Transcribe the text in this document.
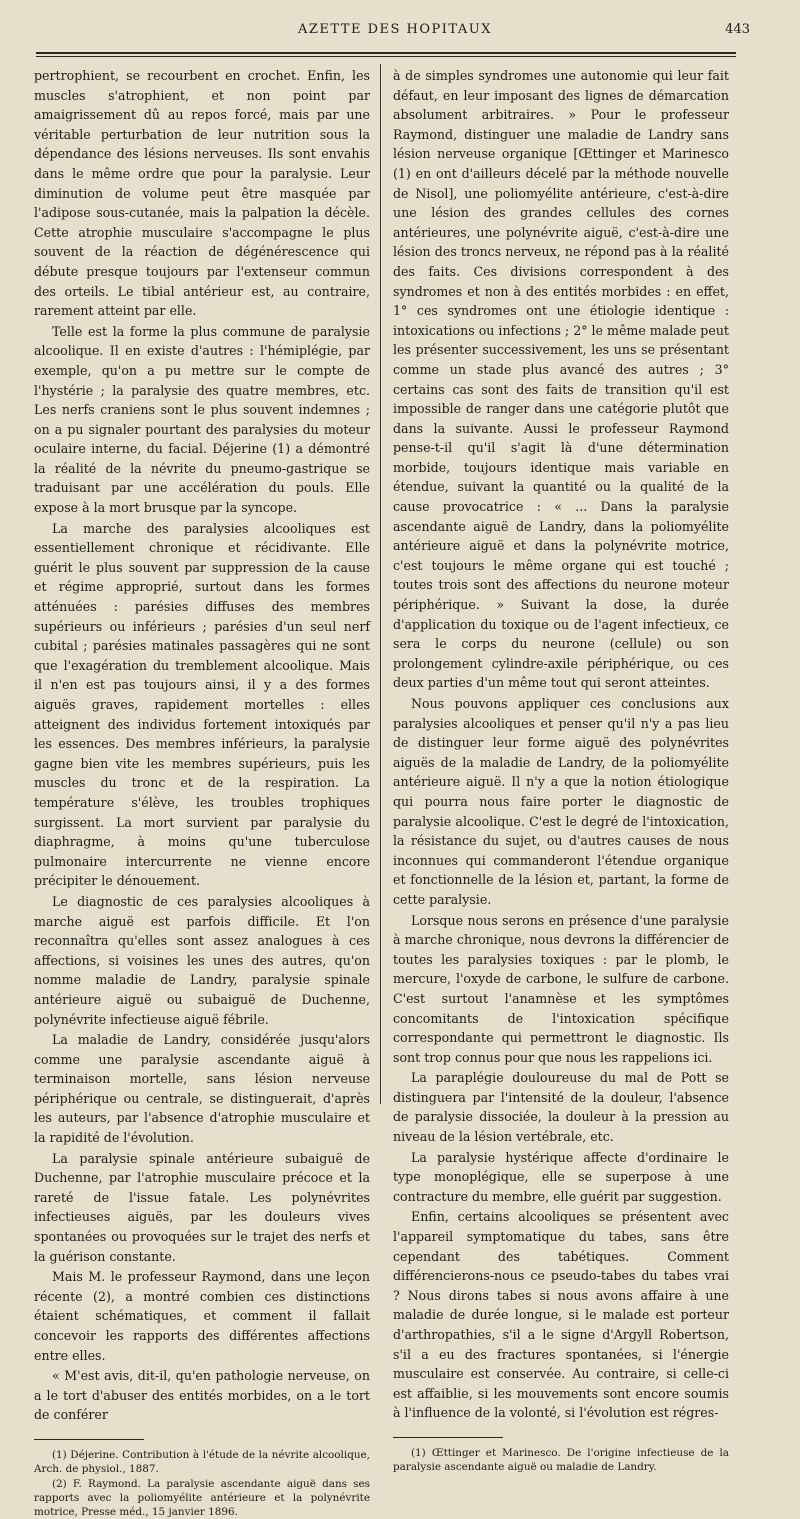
AZETTE DES HOPITAUX	443

pertrophient, se recourbent en crochet. Enfin, les muscles s'atrophient, et non point par amaigrissement dû au repos forcé, mais par une véritable perturbation de leur nutrition sous la dépendance des lésions nerveuses. Ils sont envahis dans le même ordre que pour la paralysie. Leur diminution de volume peut être masquée par l'adipose sous-cutanée, mais la palpation la décèle. Cette atrophie musculaire s'accompagne le plus souvent de la réaction de dégénérescence qui débute presque toujours par l'extenseur commun des orteils. Le tibial antérieur est, au contraire, rarement atteint par elle.

Telle est la forme la plus commune de paralysie alcoolique. Il en existe d'autres : l'hémiplégie, par exemple, qu'on a pu mettre sur le compte de l'hystérie ; la paralysie des quatre membres, etc. Les nerfs craniens sont le plus souvent indemnes ; on a pu signaler pourtant des paralysies du moteur oculaire interne, du facial. Déjerine (1) a démontré la réalité de la névrite du pneumo-gastrique se traduisant par une accélération du pouls. Elle expose à la mort brusque par la syncope.

La marche des paralysies alcooliques est essentiellement chronique et récidivante. Elle guérit le plus souvent par suppression de la cause et régime approprié, surtout dans les formes atténuées : parésies diffuses des membres supérieurs ou inférieurs ; parésies d'un seul nerf cubital ; parésies matinales passagères qui ne sont que l'exagération du tremblement alcoolique. Mais il n'en est pas toujours ainsi, il y a des formes aiguës graves, rapidement mortelles : elles atteignent des individus fortement intoxiqués par les essences. Des membres inférieurs, la paralysie gagne bien vite les membres supérieurs, puis les muscles du tronc et de la respiration. La température s'élève, les troubles trophiques surgissent. La mort survient par paralysie du diaphragme, à moins qu'une tuberculose pulmonaire intercurrente ne vienne encore précipiter le dénouement.

Le diagnostic de ces paralysies alcooliques à marche aiguë est parfois difficile. Et l'on reconnaîtra qu'elles sont assez analogues à ces affections, si voisines les unes des autres, qu'on nomme maladie de Landry, paralysie spinale antérieure aiguë ou subaiguë de Duchenne, polynévrite infectieuse aiguë fébrile.

La maladie de Landry, considérée jusqu'alors comme une paralysie ascendante aiguë à terminaison mortelle, sans lésion nerveuse périphérique ou centrale, se distinguerait, d'après les auteurs, par l'absence d'atrophie musculaire et la rapidité de l'évolution.

La paralysie spinale antérieure subaiguë de Duchenne, par l'atrophie musculaire précoce et la rareté de l'issue fatale. Les polynévrites infectieuses aiguës, par les douleurs vives spontanées ou provoquées sur le trajet des nerfs et la guérison constante.

Mais M. le professeur Raymond, dans une leçon récente (2), a montré combien ces distinctions étaient schématiques, et comment il fallait concevoir les rapports des différentes affections entre elles.

« M'est avis, dit-il, qu'en pathologie nerveuse, on a le tort d'abuser des entités morbides, on a le tort de conférer

(1) Déjerine. Contribution à l'étude de la névrite alcoolique, Arch. de physiol., 1887.

(2) F. Raymond. La paralysie ascendante aiguë dans ses rapports avec la poliomyélite antérieure et la polynévrite motrice, Presse méd., 15 janvier 1896.

à de simples syndromes une autonomie qui leur fait défaut, en leur imposant des lignes de démarcation absolument arbitraires. » Pour le professeur Raymond, distinguer une maladie de Landry sans lésion nerveuse organique [Œttinger et Marinesco (1) en ont d'ailleurs décelé par la méthode nouvelle de Nisol], une poliomyélite antérieure, c'est-à-dire une lésion des grandes cellules des cornes antérieures, une polynévrite aiguë, c'est-à-dire une lésion des troncs nerveux, ne répond pas à la réalité des faits. Ces divisions correspondent à des syndromes et non à des entités morbides : en effet, 1° ces syndromes ont une étiologie identique : intoxications ou infections ; 2° le même malade peut les présenter successivement, les uns se présentant comme un stade plus avancé des autres ; 3° certains cas sont des faits de transition qu'il est impossible de ranger dans une catégorie plutôt que dans la suivante. Aussi le professeur Raymond pense-t-il qu'il s'agit là d'une détermination morbide, toujours identique mais variable en étendue, suivant la quantité ou la qualité de la cause provocatrice : « ... Dans la paralysie ascendante aiguë de Landry, dans la poliomyélite antérieure aiguë et dans la polynévrite motrice, c'est toujours le même organe qui est touché ; toutes trois sont des affections du neurone moteur périphérique. » Suivant la dose, la durée d'application du toxique ou de l'agent infectieux, ce sera le corps du neurone (cellule) ou son prolongement cylindre-axile périphérique, ou ces deux parties d'un même tout qui seront atteintes.

Nous pouvons appliquer ces conclusions aux paralysies alcooliques et penser qu'il n'y a pas lieu de distinguer leur forme aiguë des polynévrites aiguës de la maladie de Landry, de la poliomyélite antérieure aiguë. Il n'y a que la notion étiologique qui pourra nous faire porter le diagnostic de paralysie alcoolique. C'est le degré de l'intoxication, la résistance du sujet, ou d'autres causes de nous inconnues qui commanderont l'étendue organique et fonctionnelle de la lésion et, partant, la forme de cette paralysie.

Lorsque nous serons en présence d'une paralysie à marche chronique, nous devrons la différencier de toutes les paralysies toxiques : par le plomb, le mercure, l'oxyde de carbone, le sulfure de carbone. C'est surtout l'anamnèse et les symptômes concomitants de l'intoxication spécifique correspondante qui permettront le diagnostic. Ils sont trop connus pour que nous les rappelions ici.

La paraplégie douloureuse du mal de Pott se distinguera par l'intensité de la douleur, l'absence de paralysie dissociée, la douleur à la pression au niveau de la lésion vertébrale, etc.

La paralysie hystérique affecte d'ordinaire le type monoplégique, elle se superpose à une contracture du membre, elle guérit par suggestion.

Enfin, certains alcooliques se présentent avec l'appareil symptomatique du tabes, sans être cependant des tabétiques. Comment différencierons-nous ce pseudo-tabes du tabes vrai ? Nous dirons tabes si nous avons affaire à une maladie de durée longue, si le malade est porteur d'arthropathies, s'il a le signe d'Argyll Robertson, s'il a eu des fractures spontanées, si l'énergie musculaire est conservée. Au contraire, si celle-ci est affaiblie, si les mouvements sont encore soumis à l'influence de la volonté, si l'évolution est régres-

(1) Œttinger et Marinesco. De l'origine infectieuse de la paralysie ascendante aiguë ou maladie de Landry.
